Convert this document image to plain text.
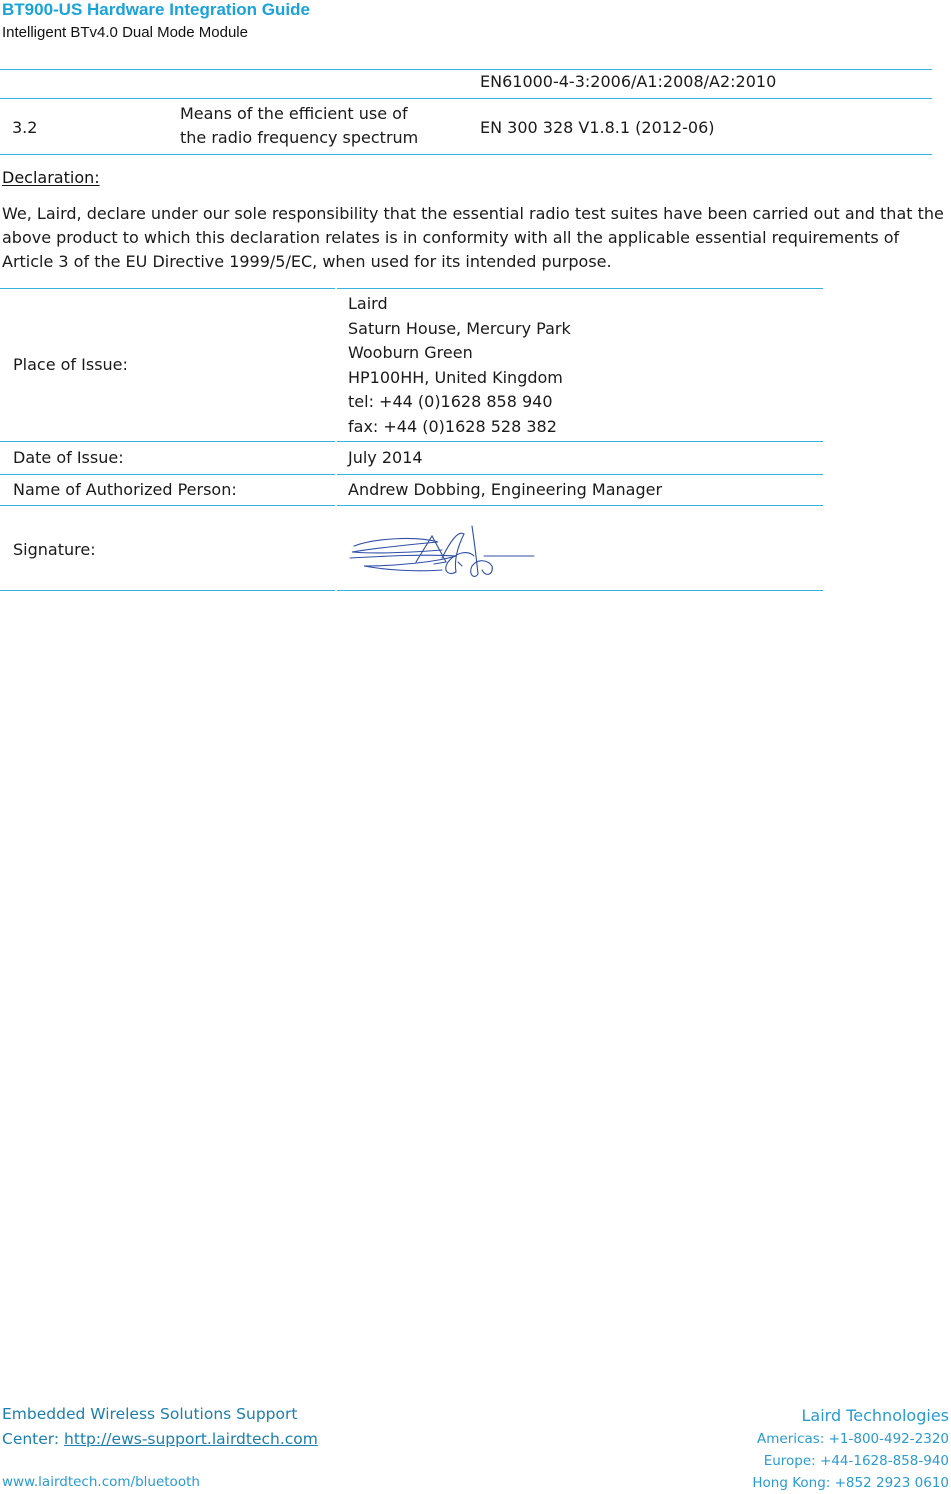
BT900-US Hardware Integration Guide
Intelligent BTv4.0 Dual Mode Module
EN61000-4-3:2006/A1:2008/A2:2010
3.2
Means of the efficient use of
the radio frequency spectrum
EN 300 328 V1.8.1 (2012-06)
Declaration:
We, Laird, declare under our sole responsibility that the essential radio test suites have been carried out and that the above product to which this declaration relates is in conformity with all the applicable essential requirements of Article 3 of the EU Directive 1999/5/EC, when used for its intended purpose.
Place of Issue:
Laird
Saturn House, Mercury Park
Wooburn Green
HP100HH, United Kingdom
tel: +44 (0)1628 858 940
fax: +44 (0)1628 528 382
Date of Issue:	July 2014
Name of Authorized Person:	Andrew Dobbing, Engineering Manager
Signature:
Embedded Wireless Solutions Support
Center: http://ews-support.lairdtech.com
www.lairdtech.com/bluetooth
Laird Technologies
Americas: +1-800-492-2320
Europe: +44-1628-858-940
Hong Kong: +852 2923 0610
